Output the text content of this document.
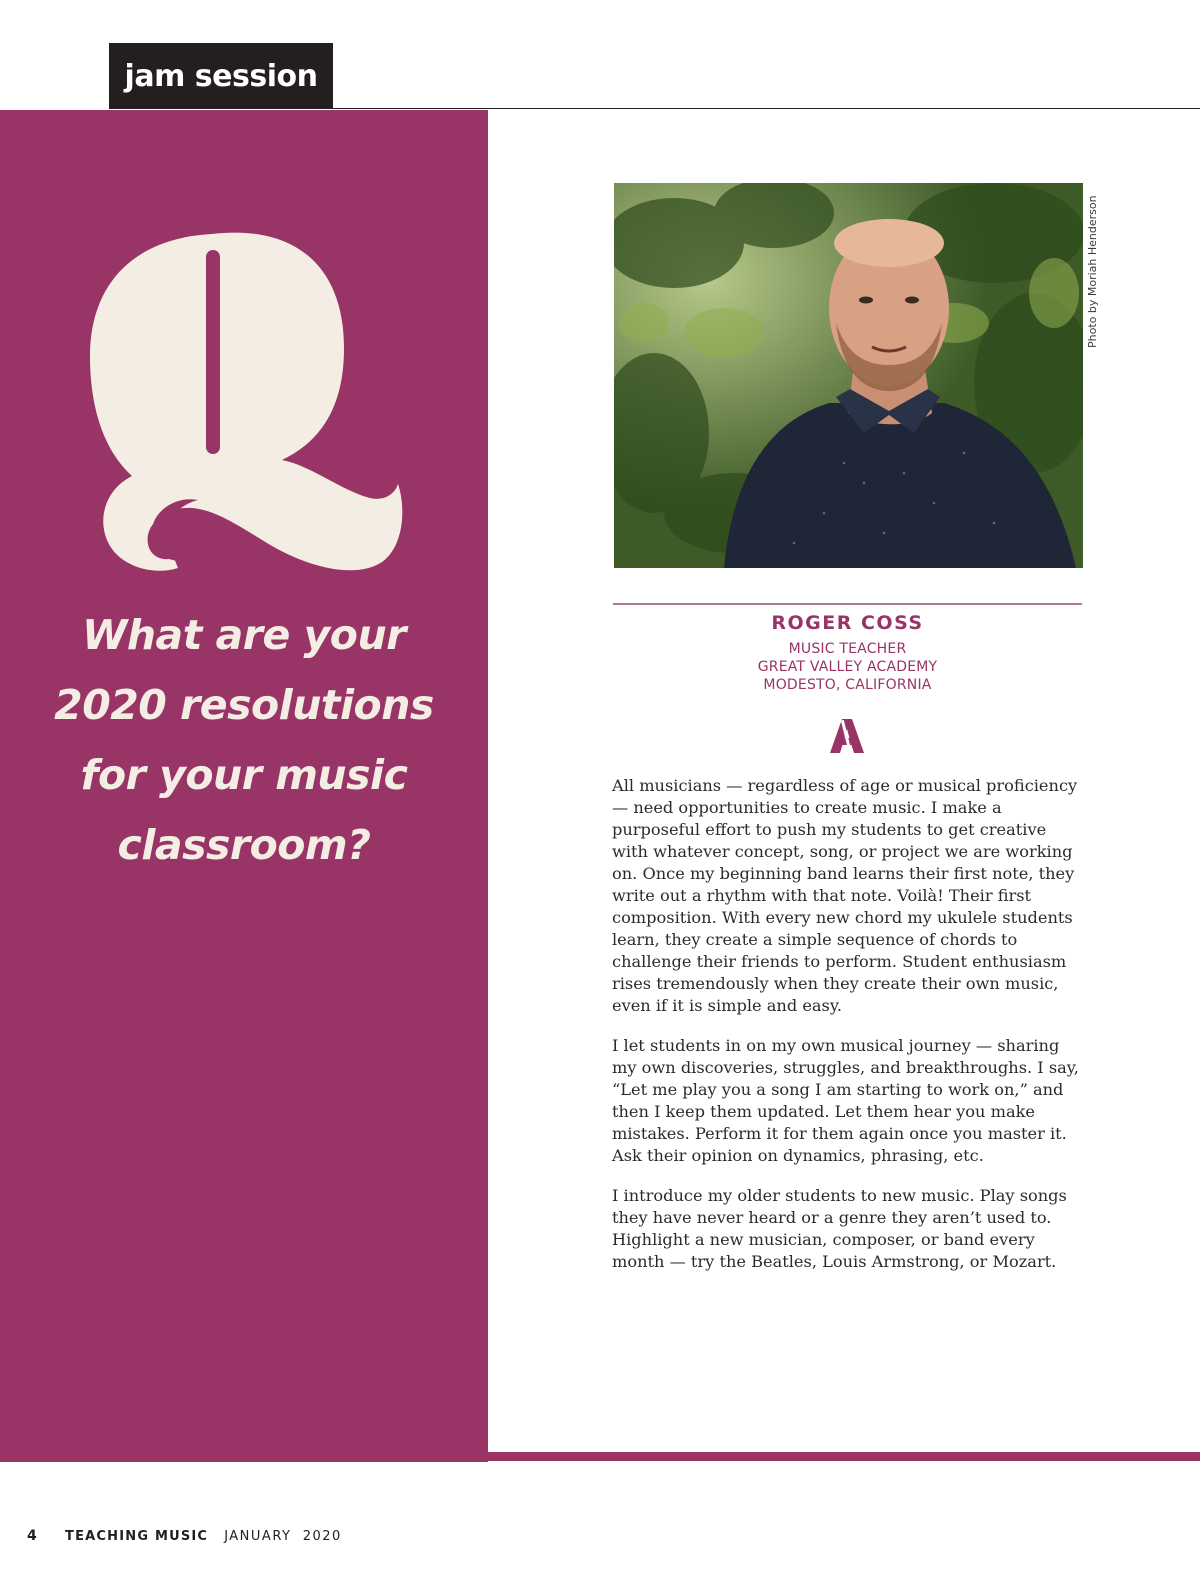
jam session
What are your 2020 resolutions for your music classroom?
Photo by Moriah Henderson
ROGER COSS
MUSIC TEACHER
GREAT VALLEY ACADEMY
MODESTO, CALIFORNIA

All musicians — regardless of age or musical proficiency — need opportunities to create music. I make a purposeful effort to push my students to get creative with whatever concept, song, or project we are working on. Once my beginning band learns their first note, they write out a rhythm with that note. Voilà! Their first composition. With every new chord my ukulele students learn, they create a simple sequence of chords to challenge their friends to perform. Student enthusiasm rises tremendously when they create their own music, even if it is simple and easy.

I let students in on my own musical journey — sharing my own discoveries, struggles, and breakthroughs. I say, “Let me play you a song I am starting to work on,” and then I keep them updated. Let them hear you make mistakes. Perform it for them again once you master it. Ask their opinion on dynamics, phrasing, etc.

I introduce my older students to new music. Play songs they have never heard or a genre they aren’t used to. Highlight a new musician, composer, or band every month — try the Beatles, Louis Armstrong, or Mozart.

4	TEACHING MUSIC JANUARY  2020
